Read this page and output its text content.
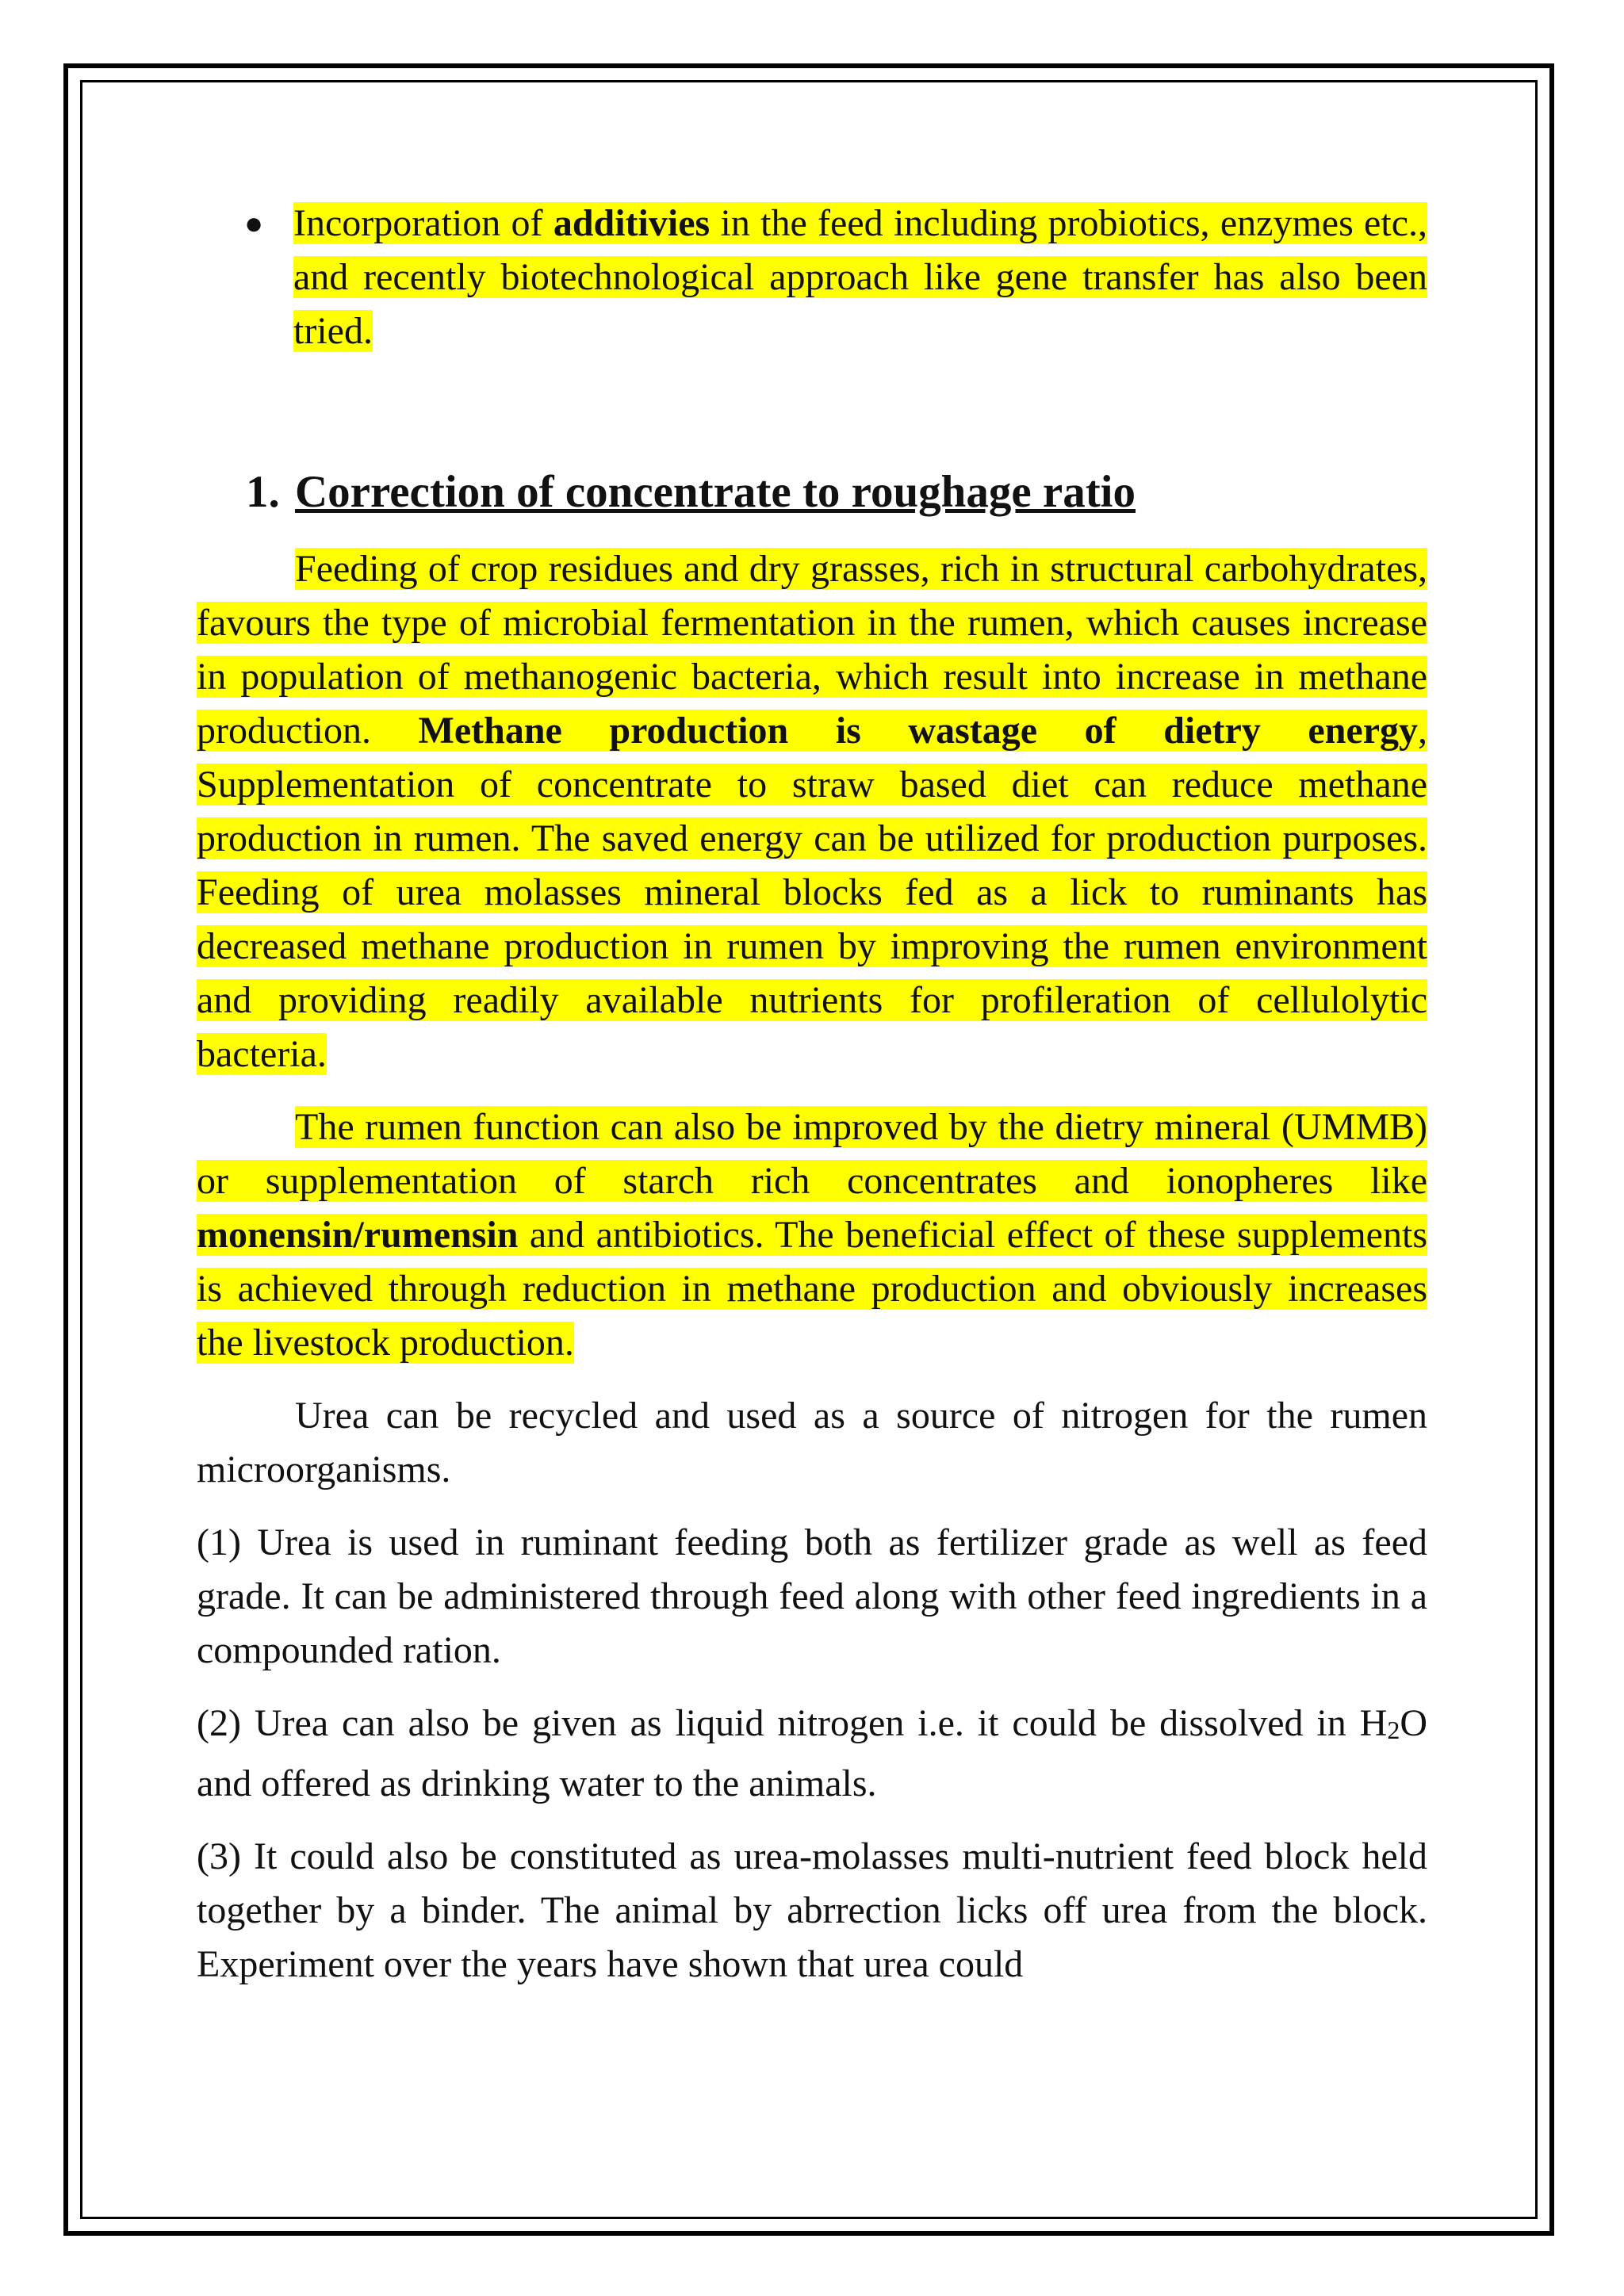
● Incorporation of additivies in the feed including probiotics, enzymes etc., and recently biotechnological approach like gene transfer has also been tried.
1. Correction of concentrate to roughage ratio

Feeding of crop residues and dry grasses, rich in structural carbohydrates, favours the type of microbial fermentation in the rumen, which causes increase in population of methanogenic bacteria, which result into increase in methane production. Methane production is wastage of dietry energy, Supplementation of concentrate to straw based diet can reduce methane production in rumen. The saved energy can be utilized for production purposes. Feeding of urea molasses mineral blocks fed as a lick to ruminants has decreased methane production in rumen by improving the rumen environment and providing readily available nutrients for profileration of cellulolytic bacteria.

The rumen function can also be improved by the dietry mineral (UMMB) or supplementation of starch rich concentrates and ionopheres like monensin/rumensin and antibiotics. The beneficial effect of these supplements is achieved through reduction in methane production and obviously increases the livestock production.

Urea can be recycled and used as a source of nitrogen for the rumen microorganisms.

(1) Urea is used in ruminant feeding both as fertilizer grade as well as feed grade. It can be administered through feed along with other feed ingredients in a compounded ration.

(2) Urea can also be given as liquid nitrogen i.e. it could be dissolved in $H_2O$ and offered as drinking water to the animals.

(3) It could also be constituted as urea-molasses multi-nutrient feed block held together by a binder. The animal by abrrection licks off urea from the block. Experiment over the years have shown that urea could
